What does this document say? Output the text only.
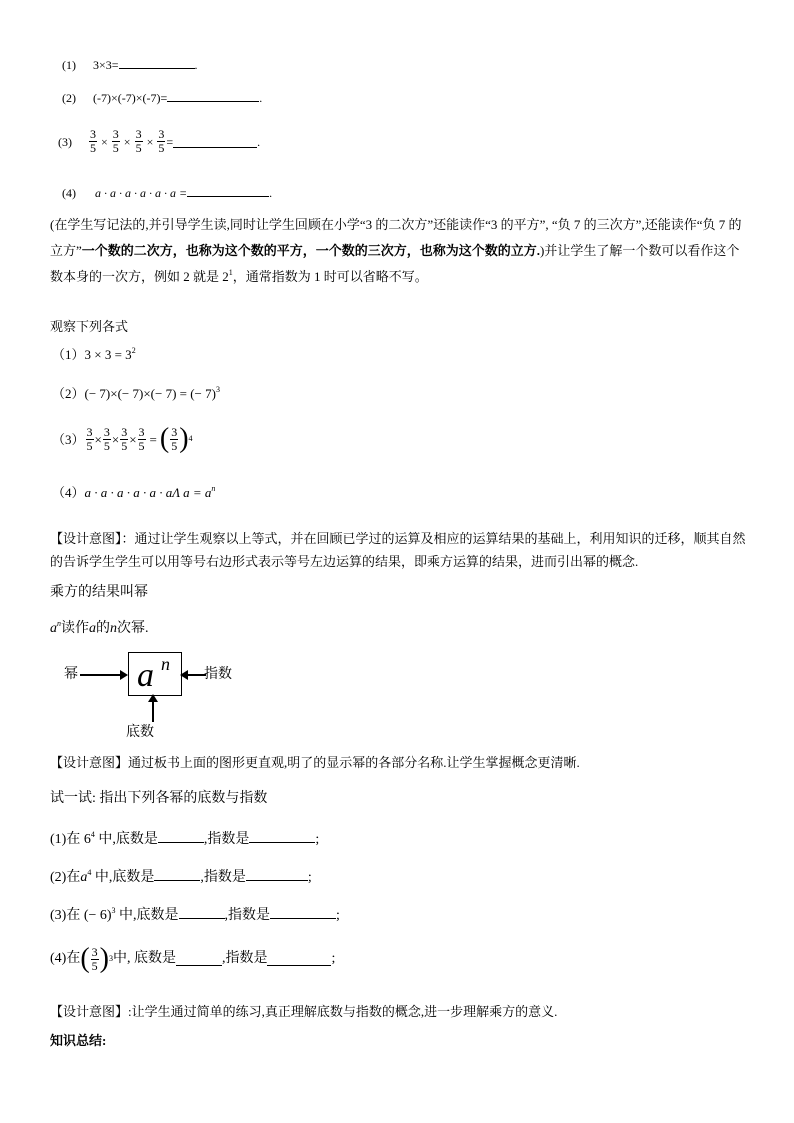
(1) 3×3=	.
(2) (-7)×(-7)×(-7)=	.
$(3) \frac{3}{5} \times \frac{3}{5} \times \frac{3}{5} \times \frac{3}{5}$ =	.
(4) a · a · a · a · a · a =	.
(在学生写记法的,并引导学生读,同时让学生回顾在小学“3 的二次方”还能读作“3 的平方”, “负 7 的三次方”,还能读作“负 7 的立方”一个数的二次方，也称为这个数的平方，一个数的三次方，也称为这个数的立方.)并让学生了解一个数可以看作这个数本身的一次方，例如 2 就是 $2^1$，通常指数为 1 时可以省略不写。
观察下列各式
$(1)3 \times 3 = 3^2$
（2）(− 7)×(− 7)×(− 7) = (− 7)$^3$
$(3) \frac{3}{5} \times \frac{3}{5} \times \frac{3}{5} \times \frac{3}{5}$ = ( $\frac{3}{5}$ ) 4
（4）a · a · a · a · a · aΛ $a = a^n$
【设计意图】：通过让学生观察以上等式，并在回顾已学过的运算及相应的运算结果的基础上，利用知识的迁移，顺其自然的告诉学生学生可以用等号右边形式表示等号左边运算的结果，即乘方运算的结果，进而引出幂的概念.
乘方的结果叫幂
$a^n$读作a的n次幂.
幂 a n
指数
底数
【设计意图】通过板书上面的图形更直观,明了的显示幂的各部分名称.让学生掌握概念更清晰.
试一试: 指出下列各幂的底数与指数
(1)在 $6^4$ 中,底数是	,指数是	;
(2)在$a^4$ 中,底数是	,指数是	;
(3)在 (− 6)$^3$ 中,底数是	,指数是	;
(4)在 ( $\frac{3}{5}$ ) 3 中, 底数是	,指数是	;
【设计意图】:让学生通过简单的练习,真正理解底数与指数的概念,进一步理解乘方的意义.
知识总结:
